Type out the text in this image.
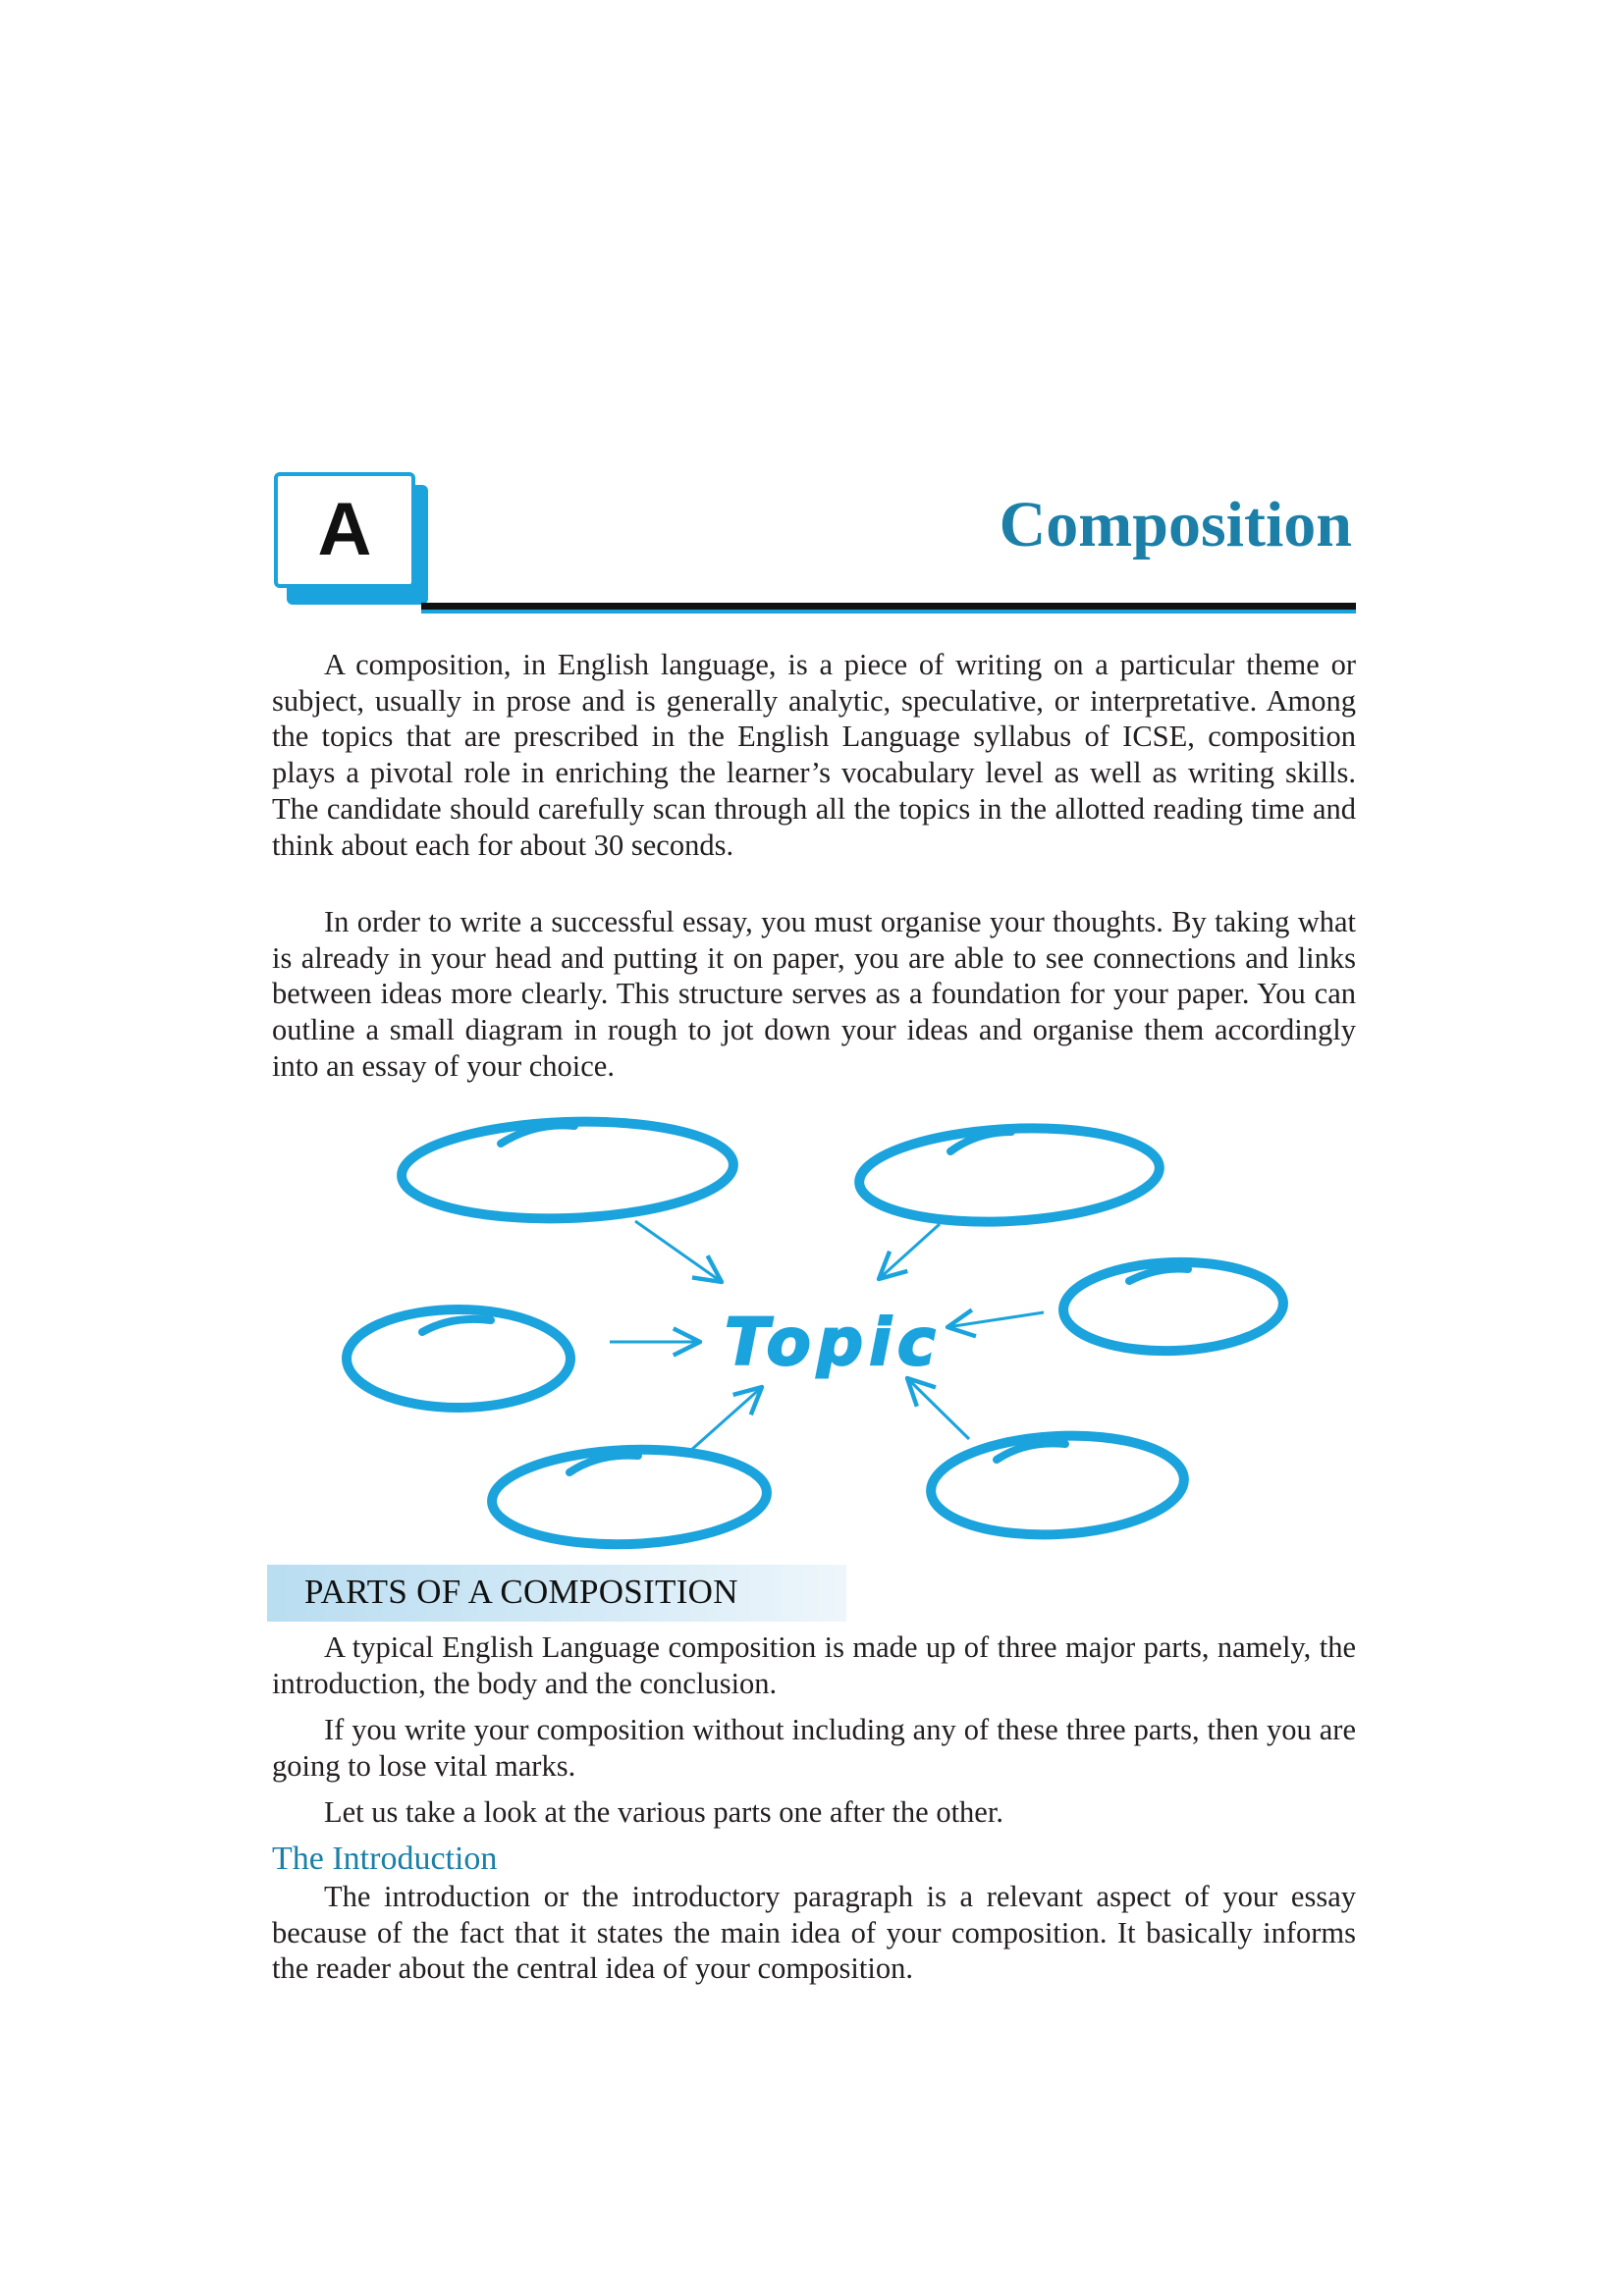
A	Composition

A composition, in English language, is a piece of writing on a particular theme or subject, usually in prose and is generally analytic, speculative, or interpretative. Among the topics that are prescribed in the English Language syllabus of ICSE, composition plays a pivotal role in enriching the learner’s vocabulary level as well as writing skills. The candidate should carefully scan through all the topics in the allotted reading time and think about each for about 30 seconds.

In order to write a successful essay, you must organise your thoughts. By taking what is already in your head and putting it on paper, you are able to see connections and links between ideas more clearly. This structure serves as a foundation for your paper. You can outline a small diagram in rough to jot down your ideas and organise them accordingly into an essay of your choice.

Topic
PARTS OF A COMPOSITION

A typical English Language composition is made up of three major parts, namely, the introduction, the body and the conclusion.

If you write your composition without including any of these three parts, then you are going to lose vital marks.

Let us take a look at the various parts one after the other.

The Introduction

The introduction or the introductory paragraph is a relevant aspect of your essay because of the fact that it states the main idea of your composition. It basically informs the reader about the central idea of your composition.
